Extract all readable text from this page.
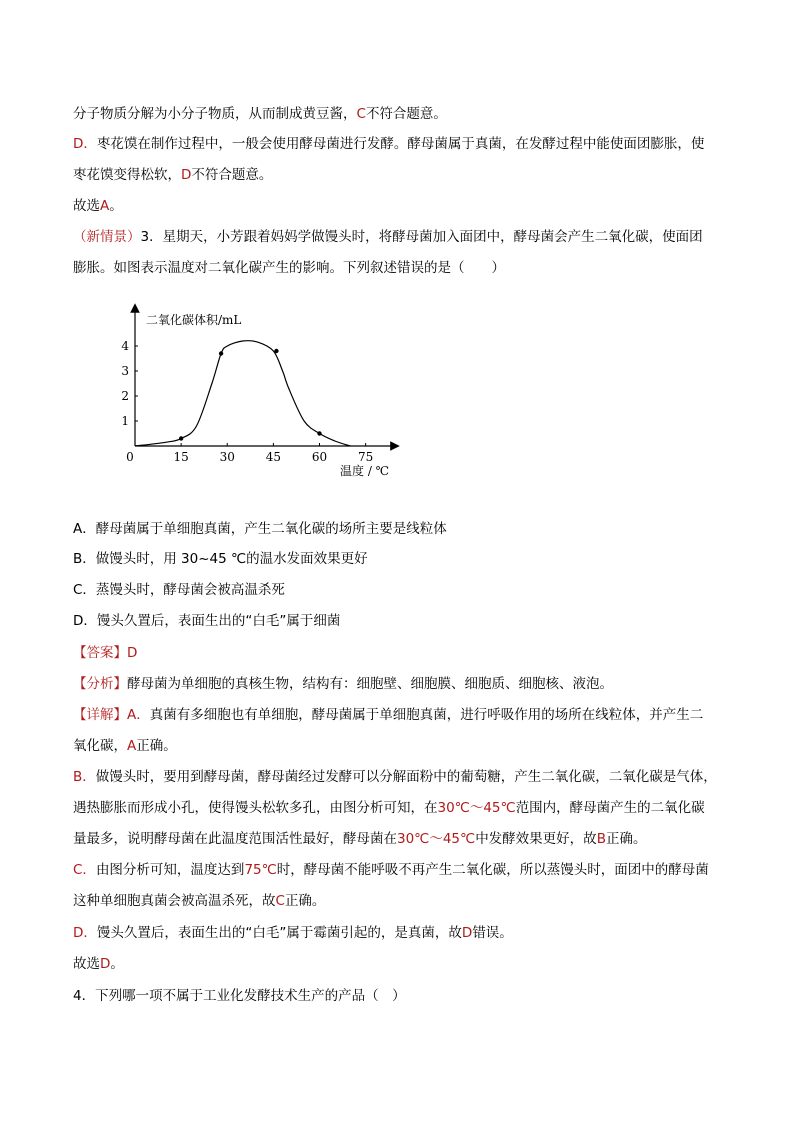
分子物质分解为小分子物质，从而制成黄豆酱，C不符合题意。
D．枣花馍在制作过程中，一般会使用酵母菌进行发酵。酵母菌属于真菌，在发酵过程中能使面团膨胀，使
枣花馍变得松软，D不符合题意。
故选A。
（新情景）3．星期天，小芳跟着妈妈学做馒头时，将酵母菌加入面团中，酵母菌会产生二氧化碳，使面团
膨胀。如图表示温度对二氧化碳产生的影响。下列叙述错误的是（　　）
二氧化碳体积/mL
温度 / ℃
0	15	30	45	60	75
1
2
3
4
A．酵母菌属于单细胞真菌，产生二氧化碳的场所主要是线粒体
B．做馒头时，用 30~45 ℃的温水发面效果更好
C．蒸馒头时，酵母菌会被高温杀死
D．馒头久置后，表面生出的“白毛”属于细菌
【答案】D
【分析】酵母菌为单细胞的真核生物，结构有：细胞壁、细胞膜、细胞质、细胞核、液泡。
【详解】A．真菌有多细胞也有单细胞，酵母菌属于单细胞真菌，进行呼吸作用的场所在线粒体，并产生二
氧化碳，A正确。
B．做馒头时，要用到酵母菌，酵母菌经过发酵可以分解面粉中的葡萄糖，产生二氧化碳，二氧化碳是气体，
遇热膨胀而形成小孔，使得馒头松软多孔，由图分析可知，在30℃～45℃范围内，酵母菌产生的二氧化碳
量最多，说明酵母菌在此温度范围活性最好，酵母菌在30℃～45℃中发酵效果更好，故B正确。
C．由图分析可知，温度达到75℃时，酵母菌不能呼吸不再产生二氧化碳，所以蒸馒头时，面团中的酵母菌
这种单细胞真菌会被高温杀死，故C正确。
D．馒头久置后，表面生出的“白毛”属于霉菌引起的，是真菌，故D错误。
故选D。
4．下列哪一项不属于工业化发酵技术生产的产品（　）
